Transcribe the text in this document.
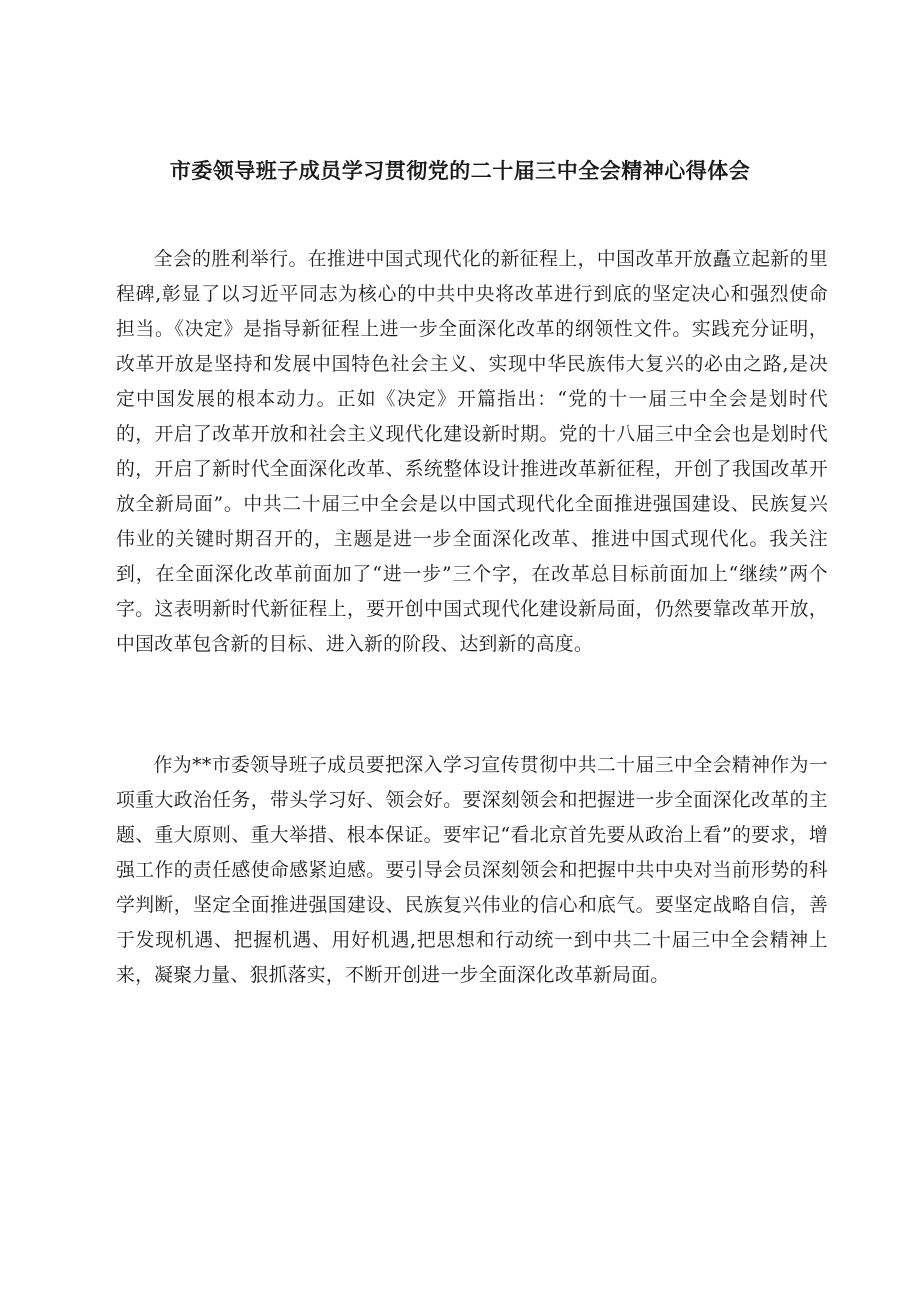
市委领导班子成员学习贯彻党的二十届三中全会精神心得体会

全会的胜利举行。在推进中国式现代化的新征程上，中国改革开放矗立起新的里程碑,彰显了以习近平同志为核心的中共中央将改革进行到底的坚定决心和强烈使命担当。《决定》是指导新征程上进一步全面深化改革的纲领性文件。实践充分证明，改革开放是坚持和发展中国特色社会主义、实现中华民族伟大复兴的必由之路,是决定中国发展的根本动力。正如《决定》开篇指出：“党的十一届三中全会是划时代的，开启了改革开放和社会主义现代化建设新时期。党的十八届三中全会也是划时代的，开启了新时代全面深化改革、系统整体设计推进改革新征程，开创了我国改革开放全新局面”。中共二十届三中全会是以中国式现代化全面推进强国建设、民族复兴伟业的关键时期召开的，主题是进一步全面深化改革、推进中国式现代化。我关注到，在全面深化改革前面加了“进一步”三个字，在改革总目标前面加上“继续”两个字。这表明新时代新征程上，要开创中国式现代化建设新局面，仍然要靠改革开放，中国改革包含新的目标、进入新的阶段、达到新的高度。

作为**市委领导班子成员要把深入学习宣传贯彻中共二十届三中全会精神作为一项重大政治任务，带头学习好、领会好。要深刻领会和把握进一步全面深化改革的主题、重大原则、重大举措、根本保证。要牢记“看北京首先要从政治上看”的要求，增强工作的责任感使命感紧迫感。要引导会员深刻领会和把握中共中央对当前形势的科学判断，坚定全面推进强国建设、民族复兴伟业的信心和底气。要坚定战略自信，善于发现机遇、把握机遇、用好机遇,把思想和行动统一到中共二十届三中全会精神上来，凝聚力量、狠抓落实，不断开创进一步全面深化改革新局面。
